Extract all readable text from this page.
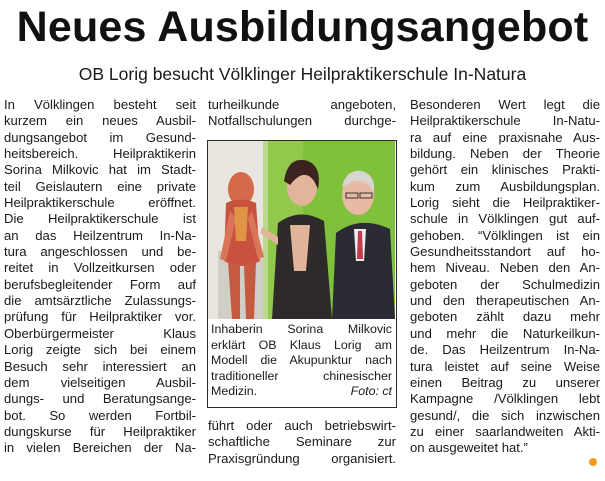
Neues Ausbildungsangebot

OB Lorig besucht Völklinger Heilpraktikerschule In-Natura

In Völklingen besteht seit
kurzem ein neues Ausbil-
dungsangebot im Gesund-
heitsbereich. Heilpraktikerin
Sorina Milkovic hat im Stadt-
teil Geislautern eine private
Heilpraktikerschule eröffnet.
Die Heilpraktikerschule ist
an das Heilzentrum In-Na-
tura angeschlossen und be-
reitet in Vollzeitkursen oder
berufsbegleitender Form auf
die amtsärztliche Zulassungs-
prüfung für Heilpraktiker vor.
Oberbürgermeister Klaus
Lorig zeigte sich bei einem
Besuch sehr interessiert an
dem vielseitigen Ausbil-
dungs- und Beratungsange-
bot. So werden Fortbil-
dungskurse für Heilpraktiker
in vielen Bereichen der Na-
turheilkunde angeboten,
Notfallschulungen durchge-
führt oder auch betriebswirt-
schaftliche Seminare zur
Praxisgründung organisiert.
Besonderen Wert legt die
Heilpraktikerschule In-Natu-
ra auf eine praxisnahe Aus-
bildung. Neben der Theorie
gehört ein klinisches Prakti-
kum zum Ausbildungsplan.
Lorig sieht die Heilpraktiker-
schule in Völklingen gut auf-
gehoben. “Völklingen ist ein
Gesundheitsstandort auf ho-
hem Niveau. Neben den An-
geboten der Schulmedizin
und den therapeutischen An-
geboten zählt dazu mehr
und mehr die Naturkeilkun-
de. Das Heilzentrum In-Na-
tura leistet auf seine Weise
einen Beitrag zu unserer
Kampagne /Völklingen lebt
gesund/, die sich inzwischen
zu einer saarlandweiten Akti-
on ausgeweitet hat.”
Inhaberin Sorina Milkovic
erklärt OB Klaus Lorig am
Modell die Akupunktur nach
traditioneller chinesischer
Medizin.	Foto: ct
